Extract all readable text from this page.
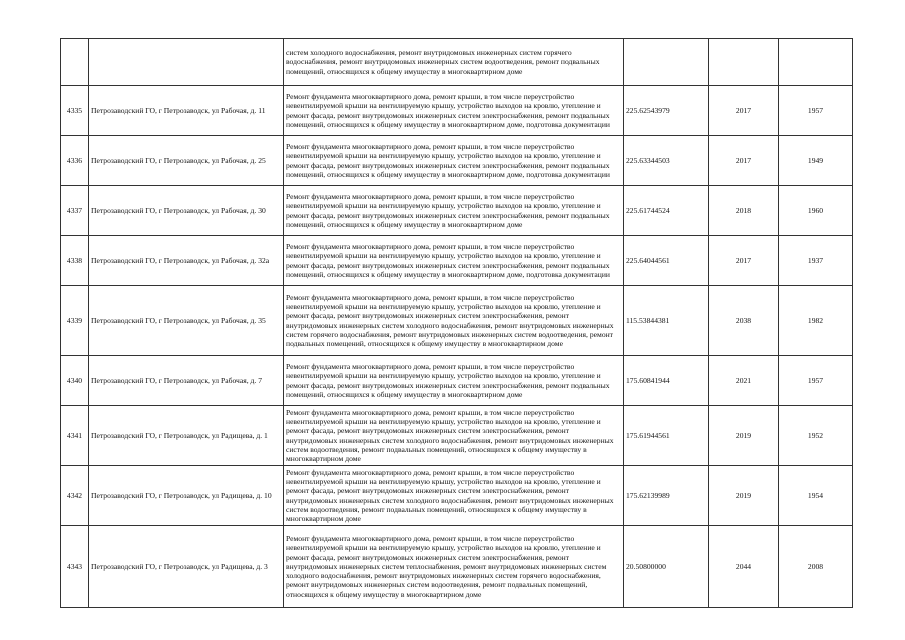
		систем холодного водоснабжения, ремонт внутридомовых инженерных систем горячего водоснабжения, ремонт внутридомовых инженерных систем водоотведения, ремонт подвальных помещений, относящихся к общему имуществу в многоквартирном доме			
4335	Петрозаводский ГО, г Петрозаводск, ул Рабочая, д. 11	Ремонт фундамента многоквартирного дома, ремонт крыши, в том числе переустройство невентилируемой крыши на вентилируемую крышу, устройство выходов на кровлю, утепление и ремонт фасада, ремонт внутридомовых инженерных систем электроснабжения, ремонт подвальных помещений, относящихся к общему имуществу в многоквартирном доме, подготовка документации	225.62543979	2017	1957
4336	Петрозаводский ГО, г Петрозаводск, ул Рабочая, д. 25	Ремонт фундамента многоквартирного дома, ремонт крыши, в том числе переустройство невентилируемой крыши на вентилируемую крышу, устройство выходов на кровлю, утепление и ремонт фасада, ремонт внутридомовых инженерных систем электроснабжения, ремонт подвальных помещений, относящихся к общему имуществу в многоквартирном доме, подготовка документации	225.63344503	2017	1949
4337	Петрозаводский ГО, г Петрозаводск, ул Рабочая, д. 30	Ремонт фундамента многоквартирного дома, ремонт крыши, в том числе переустройство невентилируемой крыши на вентилируемую крышу, устройство выходов на кровлю, утепление и ремонт фасада, ремонт внутридомовых инженерных систем электроснабжения, ремонт подвальных помещений, относящихся к общему имуществу в многоквартирном доме	225.61744524	2018	1960
4338	Петрозаводский ГО, г Петрозаводск, ул Рабочая, д. 32а	Ремонт фундамента многоквартирного дома, ремонт крыши, в том числе переустройство невентилируемой крыши на вентилируемую крышу, устройство выходов на кровлю, утепление и ремонт фасада, ремонт внутридомовых инженерных систем электроснабжения, ремонт подвальных помещений, относящихся к общему имуществу в многоквартирном доме, подготовка документации	225.64044561	2017	1937
4339	Петрозаводский ГО, г Петрозаводск, ул Рабочая, д. 35	Ремонт фундамента многоквартирного дома, ремонт крыши, в том числе переустройство невентилируемой крыши на вентилируемую крышу, устройство выходов на кровлю, утепление и ремонт фасада, ремонт внутридомовых инженерных систем электроснабжения, ремонт внутридомовых инженерных систем холодного водоснабжения, ремонт внутридомовых инженерных систем горячего водоснабжения, ремонт внутридомовых инженерных систем водоотведения, ремонт подвальных помещений, относящихся к общему имуществу в многоквартирном доме	115.53844381	2038	1982
4340	Петрозаводский ГО, г Петрозаводск, ул Рабочая, д. 7	Ремонт фундамента многоквартирного дома, ремонт крыши, в том числе переустройство невентилируемой крыши на вентилируемую крышу, устройство выходов на кровлю, утепление и ремонт фасада, ремонт внутридомовых инженерных систем электроснабжения, ремонт подвальных помещений, относящихся к общему имуществу в многоквартирном доме	175.60841944	2021	1957
4341	Петрозаводский ГО, г Петрозаводск, ул Радищева, д. 1	Ремонт фундамента многоквартирного дома, ремонт крыши, в том числе переустройство невентилируемой крыши на вентилируемую крышу, устройство выходов на кровлю, утепление и ремонт фасада, ремонт внутридомовых инженерных систем электроснабжения, ремонт внутридомовых инженерных систем холодного водоснабжения, ремонт внутридомовых инженерных систем водоотведения, ремонт подвальных помещений, относящихся к общему имуществу в многоквартирном доме	175.61944561	2019	1952
4342	Петрозаводский ГО, г Петрозаводск, ул Радищева, д. 10	Ремонт фундамента многоквартирного дома, ремонт крыши, в том числе переустройство невентилируемой крыши на вентилируемую крышу, устройство выходов на кровлю, утепление и ремонт фасада, ремонт внутридомовых инженерных систем электроснабжения, ремонт внутридомовых инженерных систем холодного водоснабжения, ремонт внутридомовых инженерных систем водоотведения, ремонт подвальных помещений, относящихся к общему имуществу в многоквартирном доме	175.62139989	2019	1954
4343	Петрозаводский ГО, г Петрозаводск, ул Радищева, д. 3	Ремонт фундамента многоквартирного дома, ремонт крыши, в том числе переустройство невентилируемой крыши на вентилируемую крышу, устройство выходов на кровлю, утепление и ремонт фасада, ремонт внутридомовых инженерных систем электроснабжения, ремонт внутридомовых инженерных систем теплоснабжения, ремонт внутридомовых инженерных систем холодного водоснабжения, ремонт внутридомовых инженерных систем горячего водоснабжения, ремонт внутридомовых инженерных систем водоотведения, ремонт подвальных помещений, относящихся к общему имуществу в многоквартирном доме	20.50800000	2044	2008
